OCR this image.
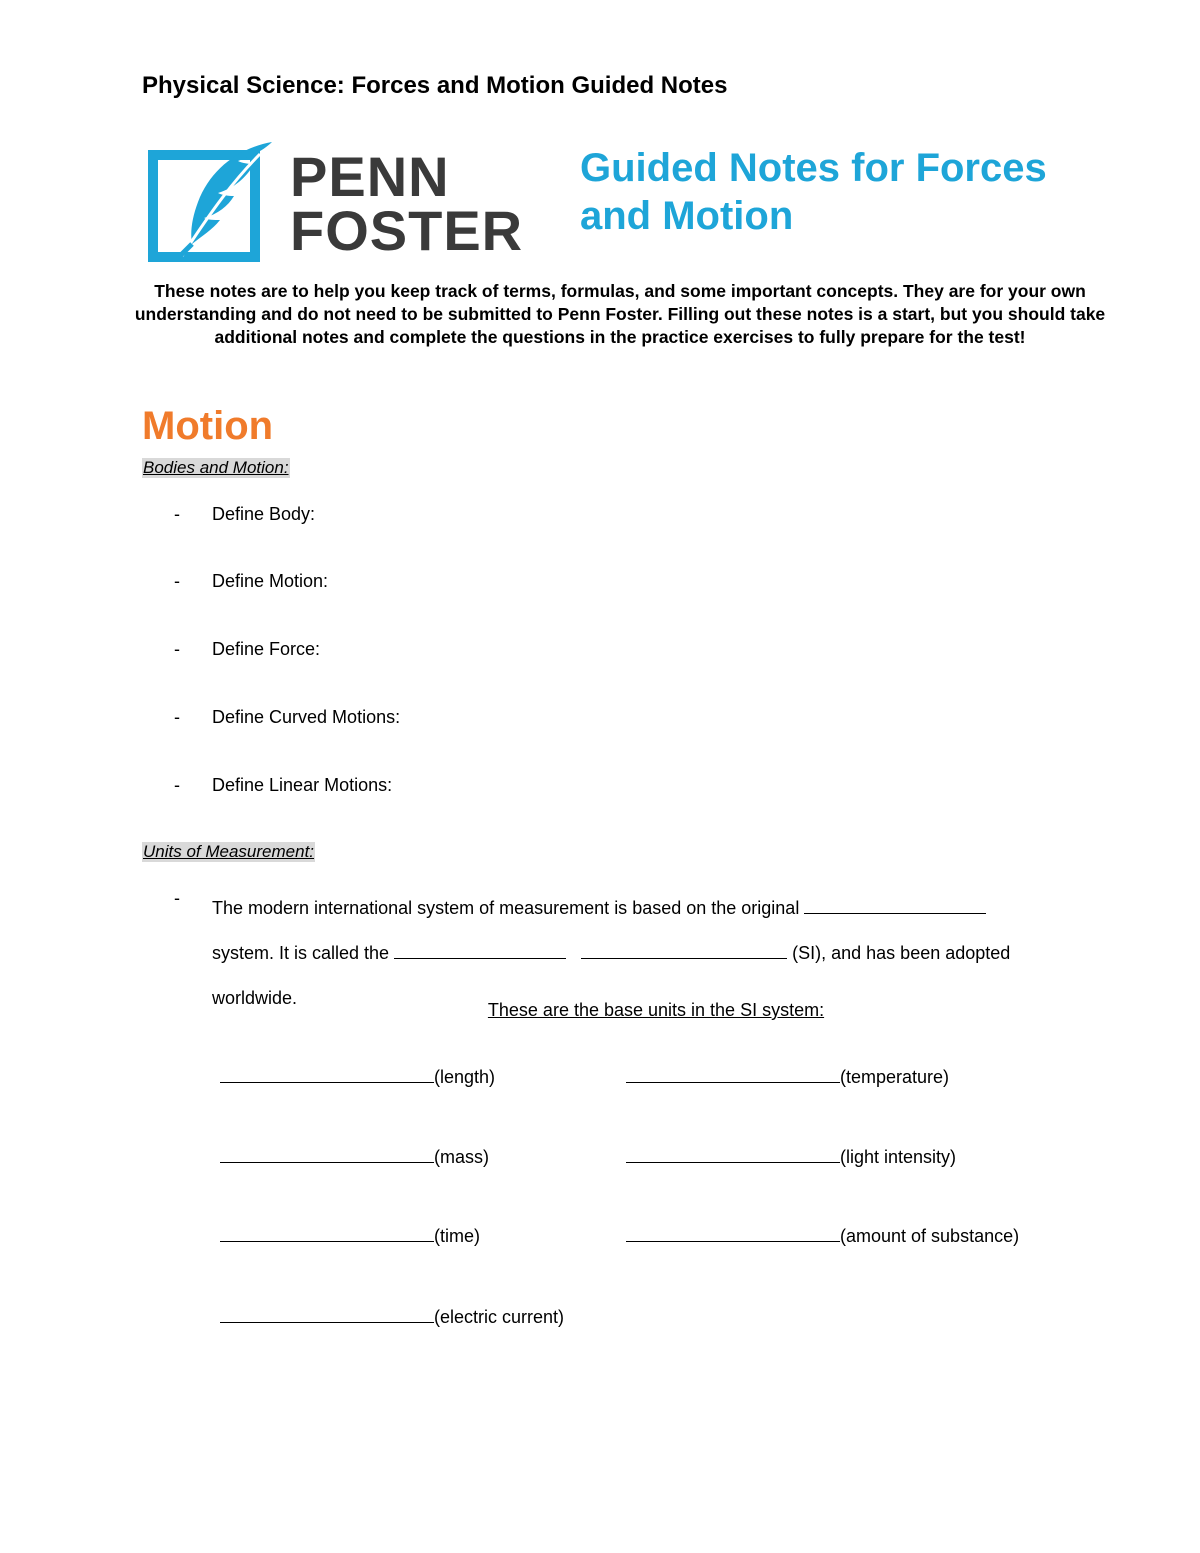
Physical Science: Forces and Motion Guided Notes
PENN
FOSTER
Guided Notes for Forces and Motion
These notes are to help you keep track of terms, formulas, and some important concepts. They are for your own understanding and do not need to be submitted to Penn Foster. Filling out these notes is a start, but you should take additional notes and complete the questions in the practice exercises to fully prepare for the test!
Motion
Bodies and Motion:
- Define Body:
- Define Motion:
- Define Force:
- Define Curved Motions:
- Define Linear Motions:
Units of Measurement:
- The modern international system of measurement is based on the original
system. It is called the	(SI), and has been adopted worldwide.
These are the base units in the SI system:
(length)	(temperature)
(mass)	(light intensity)
(time)	(amount of substance)
(electric current)
